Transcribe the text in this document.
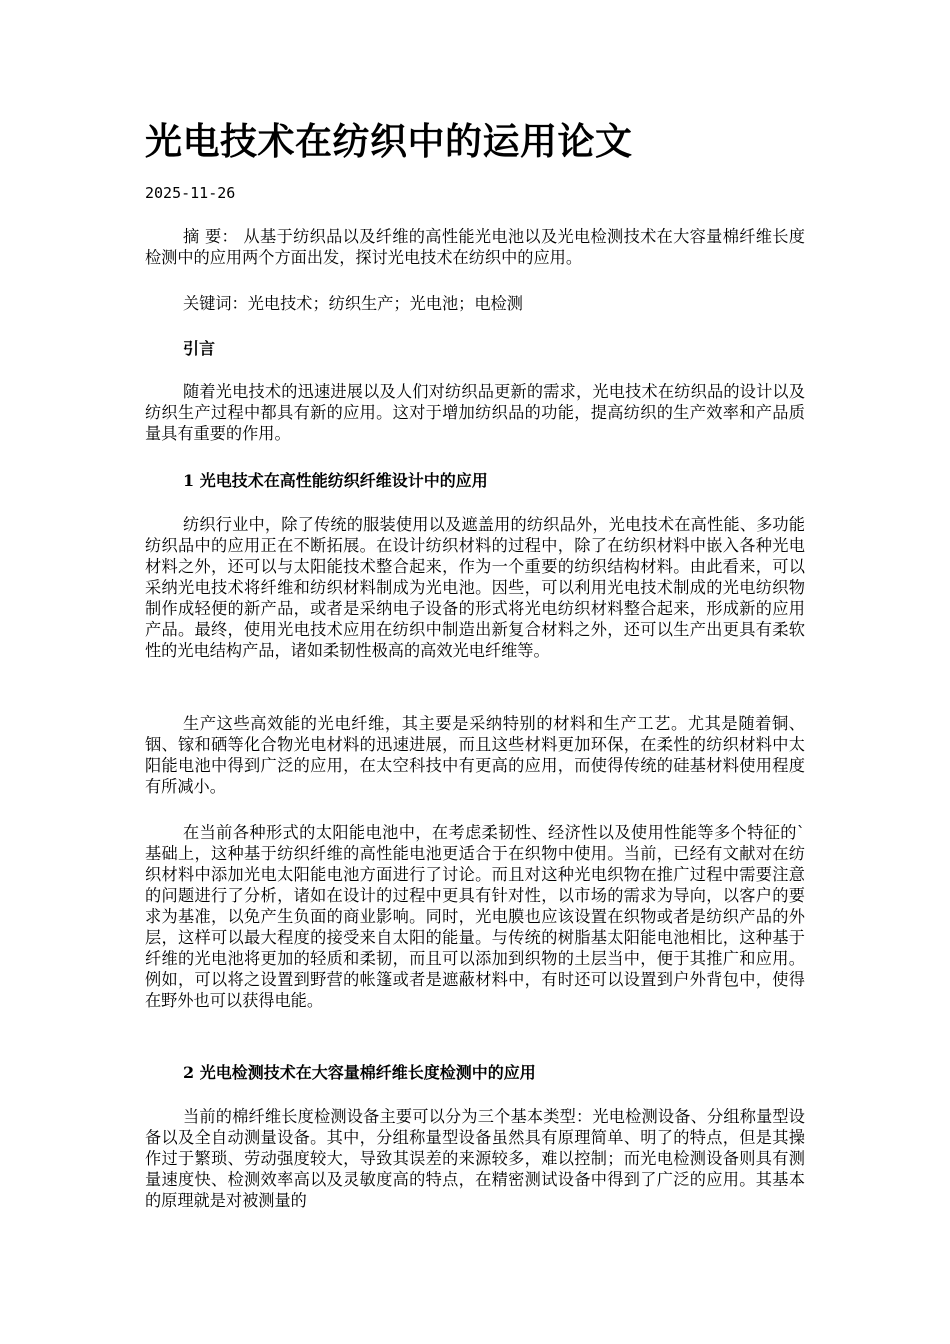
光电技术在纺织中的运用论文
2025-11-26

摘 要： 从基于纺织品以及纤维的高性能光电池以及光电检测技术在大容量棉纤维长度检测中的应用两个方面出发，探讨光电技术在纺织中的应用。

关键词：光电技术；纺织生产；光电池；电检测
引言

随着光电技术的迅速进展以及人们对纺织品更新的需求，光电技术在纺织品的设计以及纺织生产过程中都具有新的应用。这对于增加纺织品的功能，提高纺织的生产效率和产品质量具有重要的作用。

1 光电技术在高性能纺织纤维设计中的应用

纺织行业中，除了传统的服装使用以及遮盖用的纺织品外，光电技术在高性能、多功能纺织品中的应用正在不断拓展。在设计纺织材料的过程中，除了在纺织材料中嵌入各种光电材料之外，还可以与太阳能技术整合起来，作为一个重要的纺织结构材料。由此看来，可以采纳光电技术将纤维和纺织材料制成为光电池。因些，可以利用光电技术制成的光电纺织物制作成轻便的新产品，或者是采纳电子设备的形式将光电纺织材料整合起来，形成新的应用产品。最终，使用光电技术应用在纺织中制造出新复合材料之外，还可以生产出更具有柔软性的光电结构产品，诸如柔韧性极高的高效光电纤维等。

生产这些高效能的光电纤维，其主要是采纳特别的材料和生产工艺。尤其是随着铜、铟、镓和硒等化合物光电材料的迅速进展，而且这些材料更加环保，在柔性的纺织材料中太阳能电池中得到广泛的应用，在太空科技中有更高的应用，而使得传统的硅基材料使用程度有所减小。

在当前各种形式的太阳能电池中，在考虑柔韧性、经济性以及使用性能等多个特征的`基础上，这种基于纺织纤维的高性能电池更适合于在织物中使用。当前，已经有文献对在纺织材料中添加光电太阳能电池方面进行了讨论。而且对这种光电织物在推广过程中需要注意的问题进行了分析，诸如在设计的过程中更具有针对性，以市场的需求为导向，以客户的要求为基准，以免产生负面的商业影响。同时，光电膜也应该设置在织物或者是纺织产品的外层，这样可以最大程度的接受来自太阳的能量。与传统的树脂基太阳能电池相比，这种基于纤维的光电池将更加的轻质和柔韧，而且可以添加到织物的土层当中，便于其推广和应用。例如，可以将之设置到野营的帐篷或者是遮蔽材料中，有时还可以设置到户外背包中，使得在野外也可以获得电能。

2 光电检测技术在大容量棉纤维长度检测中的应用

当前的棉纤维长度检测设备主要可以分为三个基本类型：光电检测设备、分组称量型设备以及全自动测量设备。其中，分组称量型设备虽然具有原理简单、明了的特点，但是其操作过于繁琐、劳动强度较大，导致其误差的来源较多，难以控制；而光电检测设备则具有测量速度快、检测效率高以及灵敏度高的特点，在精密测试设备中得到了广泛的应用。其基本的原理就是对被测量的
